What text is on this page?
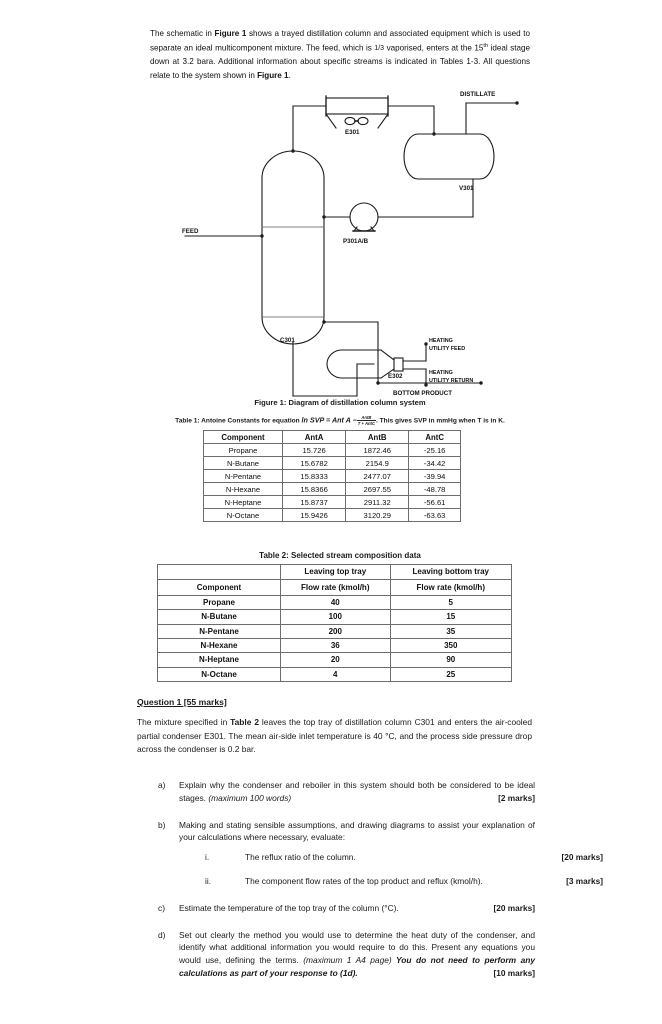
The schematic in Figure 1 shows a trayed distillation column and associated equipment which is used to separate an ideal multicomponent mixture. The feed, which is 1/3 vaporised, enters at the 15th ideal stage down at 3.2 bara. Additional information about specific streams is indicated in Tables 1-3. All questions relate to the system shown in Figure 1.
E301
DISTILLATE
V301
P301A/B
FEED
C301
E302
HEATING
UTILITY FEED
HEATING
UTILITY RETURN
BOTTOM PRODUCT
Figure 1: Diagram of distillation column system
Table 1: Antoine Constants for equation ln SVP = Ant $A - \frac{\text{AntB}}{\text{T + AntC}}$ . This gives SVP in mmHg when T is in K.
Component	AntA	AntB	AntC
Propane	15.726	1872.46	-25.16
N-Butane	15.6782	2154.9	-34.42
N-Pentane	15.8333	2477.07	-39.94
N-Hexane	15.8366	2697.55	-48.78
N-Heptane	15.8737	2911.32	-56.61
N-Octane	15.9426	3120.29	-63.63
Table 2: Selected stream composition data
	Leaving top tray	Leaving bottom tray
Component	Flow rate (kmol/h)	Flow rate (kmol/h)
Propane	40	5
N-Butane	100	15
N-Pentane	200	35
N-Hexane	36	350
N-Heptane	20	90
N-Octane	4	25
Question 1 [55 marks]
The mixture specified in Table 2 leaves the top tray of distillation column C301 and enters the air-cooled partial condenser E301. The mean air-side inlet temperature is 40 °C, and the process side pressure drop across the condenser is 0.2 bar.
a) Explain why the condenser and reboiler in this system should both be considered to be ideal stages. (maximum 100 words)	[2 marks]
b) Making and stating sensible assumptions, and drawing diagrams to assist your explanation of your calculations where necessary, evaluate:
i.	The reflux ratio of the column.	[20 marks]
ii.	The component flow rates of the top product and reflux (kmol/h).	[3 marks]
c) Estimate the temperature of the top tray of the column (°C).	[20 marks]
d) Set out clearly the method you would use to determine the heat duty of the condenser, and identify what additional information you would require to do this. Present any equations you would use, defining the terms. (maximum 1 A4 page) You do not need to perform any calculations as part of your response to (1d).	[10 marks]
